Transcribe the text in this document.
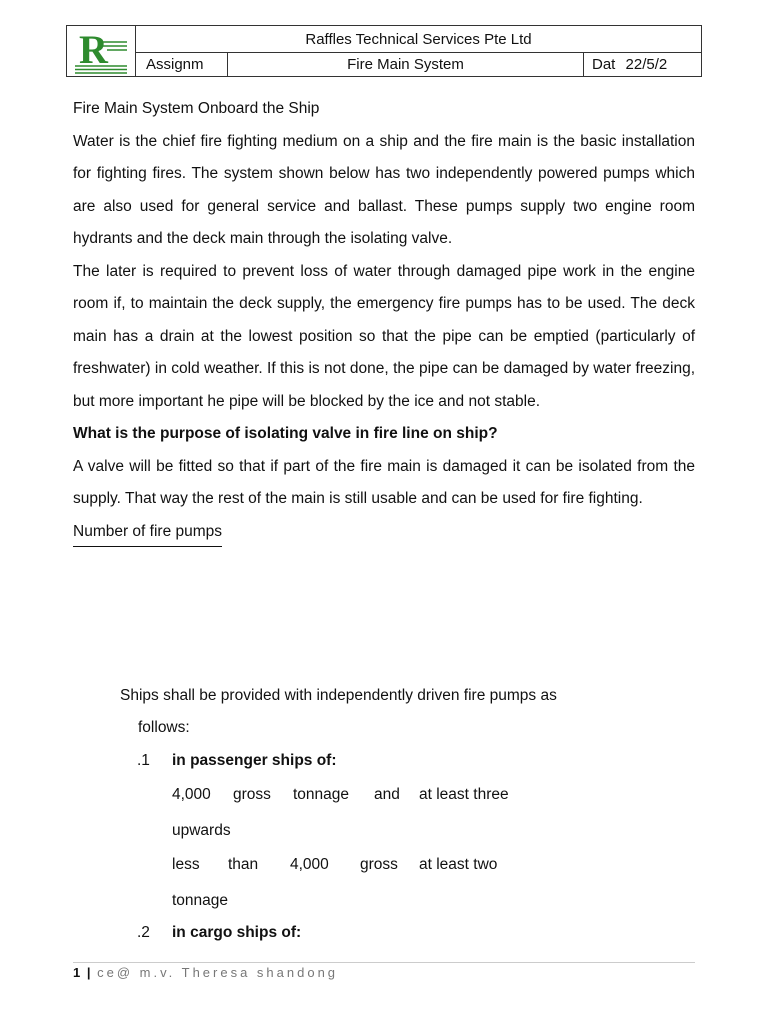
R	Raffles Technical Services Pte Ltd
Assignm	Fire Main System	Dat 22/5/2

Fire Main System Onboard the Ship

Water is the chief fire fighting medium on a ship and the fire main is the basic installation for fighting fires. The system shown below has two independently powered pumps which are also used for general service and ballast. These pumps supply two engine room hydrants and the deck main through the isolating valve.

The later is required to prevent loss of water through damaged pipe work in the engine room if, to maintain the deck supply, the emergency fire pumps has to be used. The deck main has a drain at the lowest position so that the pipe can be emptied (particularly of freshwater) in cold weather. If this is not done, the pipe can be damaged by water freezing, but more important he pipe will be blocked by the ice and not stable.

What is the purpose of isolating valve in fire line on ship?

A valve will be fitted so that if part of the fire main is damaged it can be isolated from the supply. That way the rest of the main is still usable and can be used for fire fighting.

Number of fire pumps

Ships shall be provided with independently driven fire pumps as
follows:
.1 in passenger ships of:
4,000 gross tonnage and at least three
upwards
less than 4,000 gross at least two
tonnage
.2 in cargo ships of:
1 | ce@ m.v. Theresa shandong
